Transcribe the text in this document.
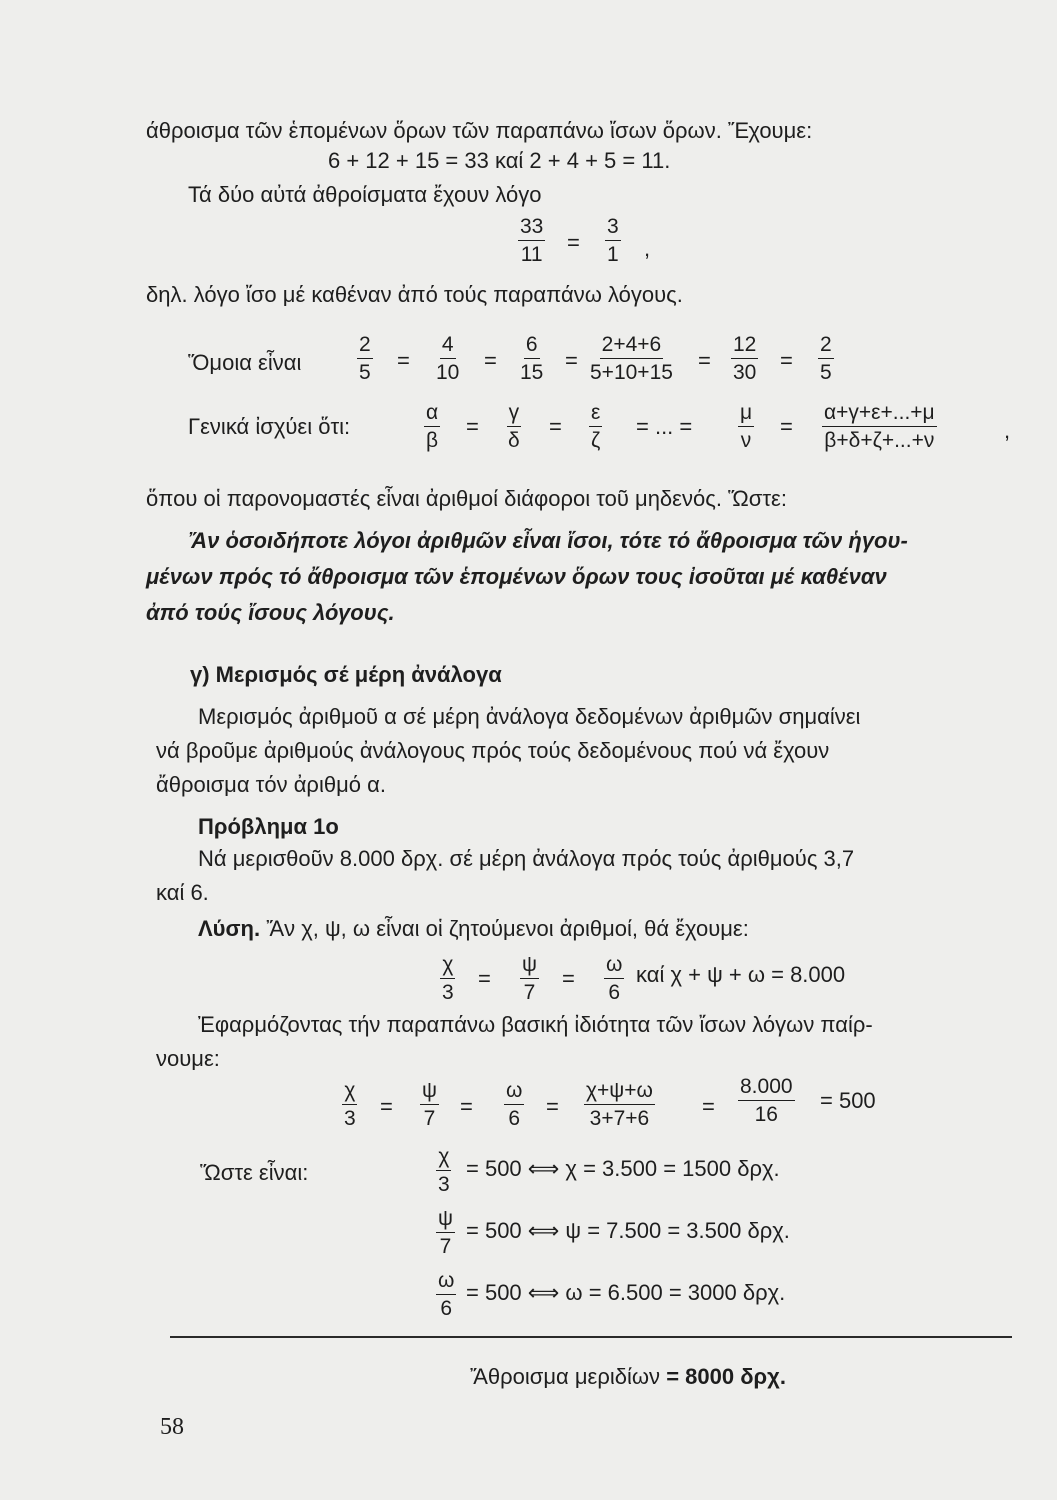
άθροισμα τῶν ἑπομένων ὅρων τῶν παραπάνω ἴσων ὅρων. Ἔχουμε:
6 + 12 + 15 = 33 καί 2 + 4 + 5 = 11.
Τά δύο αὐτά ἀθροίσματα ἔχουν λόγο
$\frac{33}{11} = \frac{3}{1}$ ,
δηλ. λόγο ἴσο μέ καθέναν ἀπό τούς παραπάνω λόγους.
Ὅμοια εἶναι	$\frac{2}{5} = \frac{4}{10} = \frac{6}{15} = \frac{2+4+6}{5+10+15} = \frac{12}{30} = \frac{2}{5}$
Γενικά ἰσχύει ὅτι:	$\frac{\alpha}{\beta} = \frac{\gamma}{\delta} = \frac{\varepsilon}{\zeta}$ = ... = $\frac{\mu}{\nu} = \frac{\alpha+\gamma+\varepsilon+...+\mu}{\beta+\delta+\zeta+...+\nu}$	,
ὅπου οἱ παρονομαστές εἶναι ἀριθμοί διάφοροι τοῦ μηδενός. Ὥστε:
Ἄν ὁσοιδήποτε λόγοι ἀριθμῶν εἶναι ἴσοι, τότε τό ἄθροισμα τῶν ἡγου-
μένων πρός τό ἄθροισμα τῶν ἑπομένων ὅρων τους ἰσοῦται μέ καθέναν
ἀπό τούς ἴσους λόγους.
γ) Μερισμός σέ μέρη ἀνάλογα
Μερισμός ἀριθμοῦ α σέ μέρη ἀνάλογα δεδομένων ἀριθμῶν σημαίνει
νά βροῦμε ἀριθμούς ἀνάλογους πρός τούς δεδομένους πού νά ἔχουν
ἄθροισμα τόν ἀριθμό α.
Πρόβλημα 1ο
Νά μερισθοῦν 8.000 δρχ. σέ μέρη ἀνάλογα πρός τούς ἀριθμούς 3,7
καί 6.
Λύση. Ἄν χ, ψ, ω εἶναι οἱ ζητούμενοι ἀριθμοί, θά ἔχουμε:
$\frac{\chi}{3} = \frac{\psi}{7} = \frac{\omega}{6}$ καί χ + ψ + ω = 8.000
Ἐφαρμόζοντας τήν παραπάνω βασική ἰδιότητα τῶν ἴσων λόγων παίρ-
νουμε:
$\frac{\chi}{3} = \frac{\psi}{7} = \frac{\omega}{6} = \frac{\chi+\psi+\omega}{3+7+6} = \frac{8.000}{16} = 500$
Ὥστε εἶναι:	$\frac{\chi}{3} = 500$ ⟺ χ = 3.500 = 1500 δρχ.
$\frac{\psi}{7} = 500$ ⟺ ψ = 7.500 = 3.500 δρχ.
$\frac{\omega}{6} = 500$ ⟺ ω = 6.500 = 3000 δρχ.
Ἄθροισμα μεριδίων = 8000 δρχ.
58
